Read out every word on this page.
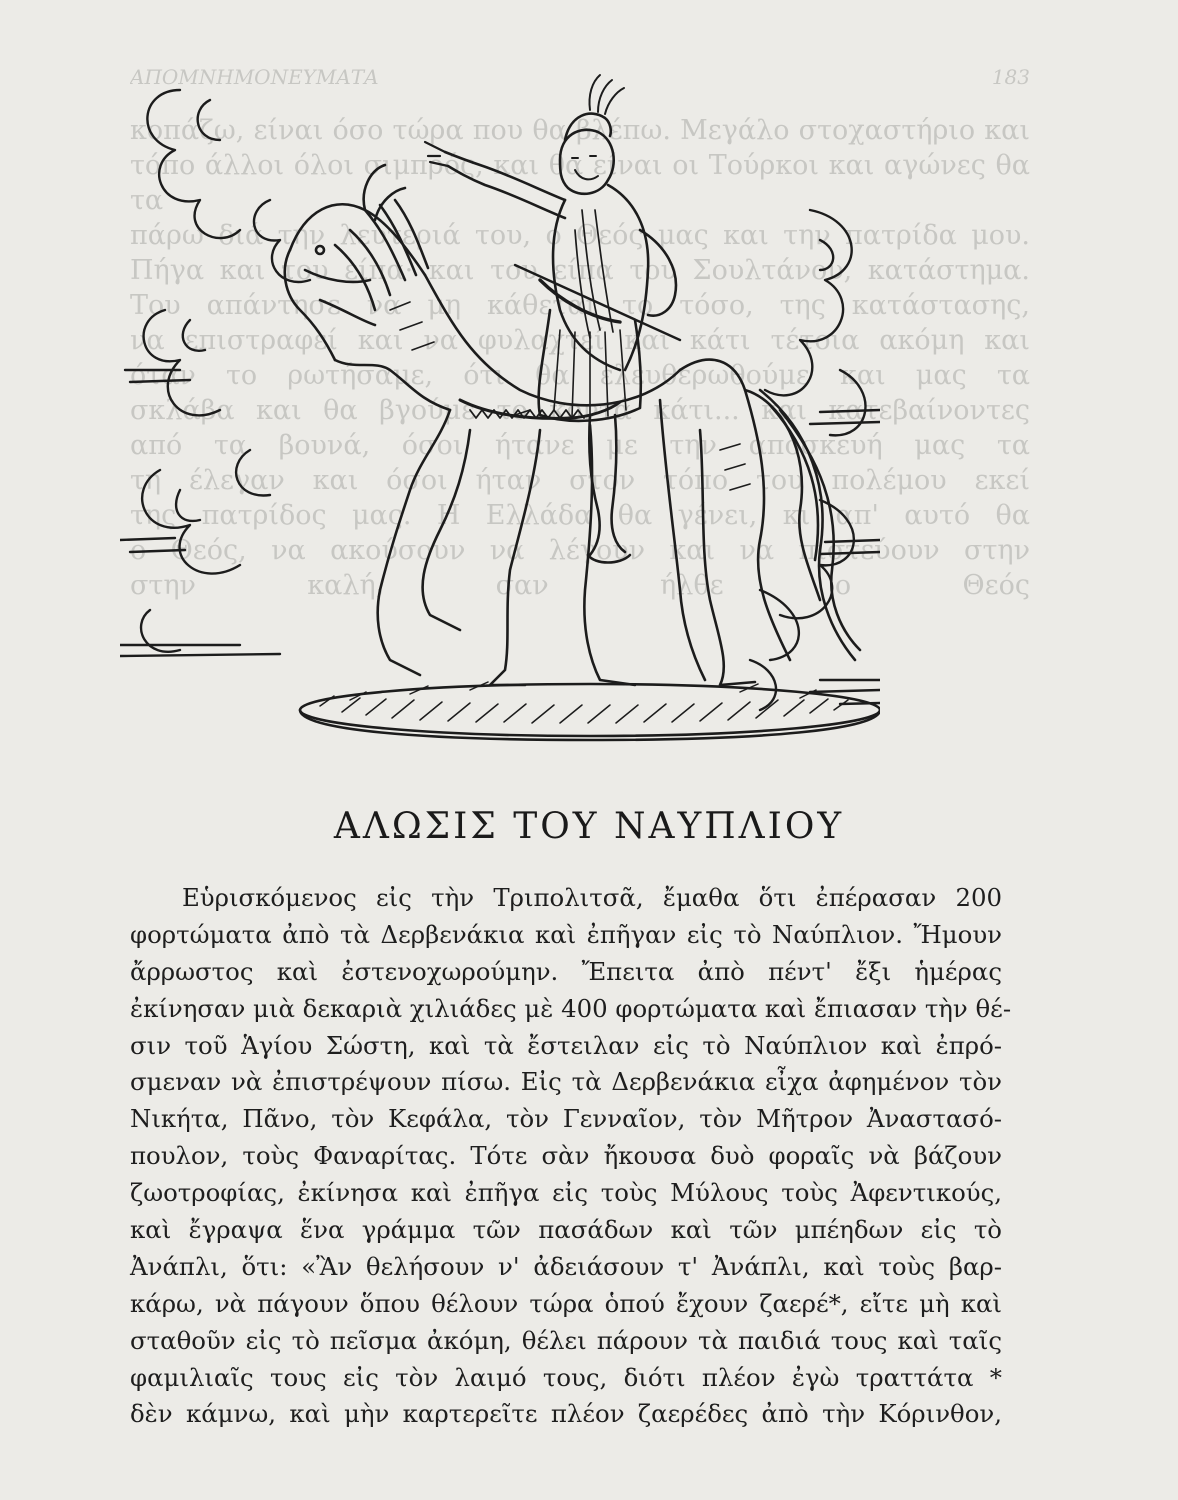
ΑΠΟΜΝΗΜΟΝΕΥΜΑΤΑ	183

κοπάζω, είναι όσο τώρα που θα βλέπω. Μεγάλο στοχαστήριο και

τόπο άλλοι όλοι σιμπρός, και θα είναι οι Τούρκοι και αγώνες θα τα

πάρω διά την λευτεριά του, ο Θεός μας και την πατρίδα μου.

Πήγα και του είπα· και του είπα του Σουλτάνου, κατάστημα.

Του απάντησε να μη κάθεται το τόσο, της κατάστασης,

να επιστραφεί και να φυλαχτεί και κάτι τέτοια ακόμη και

όταν το ρωτήσαμε, ότι θα ελευθερωθούμε και μας τα

σκλάβα και θα βγούμε το κοντά κάτι... και κατεβαίνοντες

από τα βουνά, όσοι ήτανε με την αποσκευή μας τα

τη έλεγαν και όσοι ήταν στον τόπο του πολέμου εκεί

της πατρίδος μας. Η Ελλάδα θα γένει, κι απ' αυτό θα

ο Θεός, να ακούσουν να λέγουν και να πιστεύουν στην

στην καλή, σαν ήλθε ο Θεός

ΑΛΩΣΙΣ ΤΟΥ ΝΑΥΠΛΙΟΥ
Εὑρισκόμενος εἰς τὴν Τριπολιτσᾶ, ἔμαθα ὅτι ἐπέρασαν 200
φορτώματα ἀπὸ τὰ Δερβενάκια καὶ ἐπῆγαν εἰς τὸ Ναύπλιον. Ἤμουν
ἄρρωστος καὶ ἐστενοχωρούμην. Ἔπειτα ἀπὸ πέντ' ἔξι ἡμέρας
ἐκίνησαν μιὰ δεκαριὰ χιλιάδες μὲ 400 φορτώματα καὶ ἔπιασαν τὴν θέ-
σιν τοῦ Ἁγίου Σώστη, καὶ τὰ ἔστειλαν εἰς τὸ Ναύπλιον καὶ ἐπρό-
σμεναν νὰ ἐπιστρέψουν πίσω. Εἰς τὰ Δερβενάκια εἶχα ἀφημένον τὸν
Νικήτα, Πᾶνο, τὸν Κεφάλα, τὸν Γενναῖον, τὸν Μῆτρον Ἀναστασό-
πουλον, τοὺς Φαναρίτας. Τότε σὰν ἤκουσα δυὸ φοραῖς νὰ βάζουν
ζωοτροφίας, ἐκίνησα καὶ ἐπῆγα εἰς τοὺς Μύλους τοὺς Ἀφεντικούς,
καὶ ἔγραψα ἕνα γράμμα τῶν πασάδων καὶ τῶν μπέηδων εἰς τὸ
Ἀνάπλι, ὅτι: «Ἂν θελήσουν ν' ἀδειάσουν τ' Ἀνάπλι, καὶ τοὺς βαρ-
κάρω, νὰ πάγουν ὅπου θέλουν τώρα ὁπού ἔχουν ζαερέ*, εἴτε μὴ καὶ
σταθοῦν εἰς τὸ πεῖσμα ἀκόμη, θέλει πάρουν τὰ παιδιά τους καὶ ταῖς
φαμιλιαῖς τους εἰς τὸν λαιμό τους, διότι πλέον ἐγὼ τραττάτα *
δὲν κάμνω, καὶ μὴν καρτερεῖτε πλέον ζαερέδες ἀπὸ τὴν Κόρινθον,
